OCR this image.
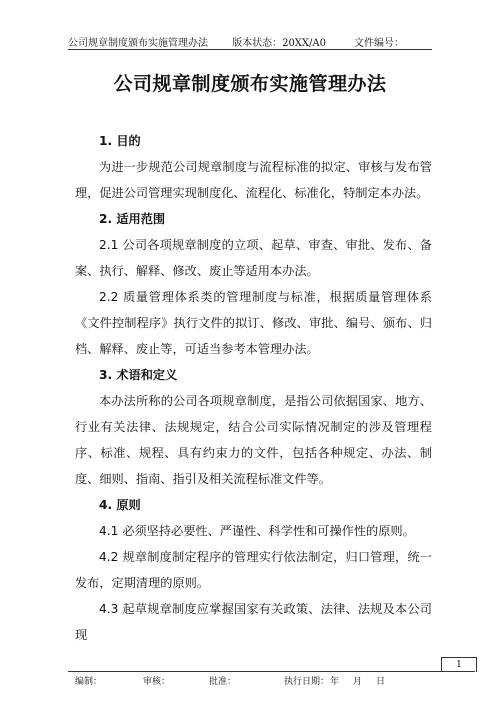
公司规章制度颁布实施管理办法 版本状态：20XX/A0	文件编号：
公司规章制度颁布实施管理办法
1. 目的

为进一步规范公司规章制度与流程标准的拟定、审核与发布管理，促进公司管理实现制度化、流程化、标准化，特制定本办法。

2. 适用范围

2.1 公司各项规章制度的立项、起草、审查、审批、发布、备案、执行、解释、修改、废止等适用本办法。

2.2 质量管理体系类的管理制度与标准，根据质量管理体系《文件控制程序》执行文件的拟订、修改、审批、编号、颁布、归档、解释、废止等，可适当参考本管理办法。

3. 术语和定义

本办法所称的公司各项规章制度，是指公司依据国家、地方、行业有关法律、法规规定，结合公司实际情况制定的涉及管理程序、标准、规程、具有约束力的文件，包括各种规定、办法、制度、细则、指南、指引及相关流程标准文件等。

4. 原则

4.1 必须坚持必要性、严谨性、科学性和可操作性的原则。

4.2 规章制度制定程序的管理实行依法制定，归口管理，统一发布，定期清理的原则。

4.3 起草规章制度应掌握国家有关政策、法律、法规及本公司现

1
编制：	审核：	批准：	执行日期： 年	月	日
